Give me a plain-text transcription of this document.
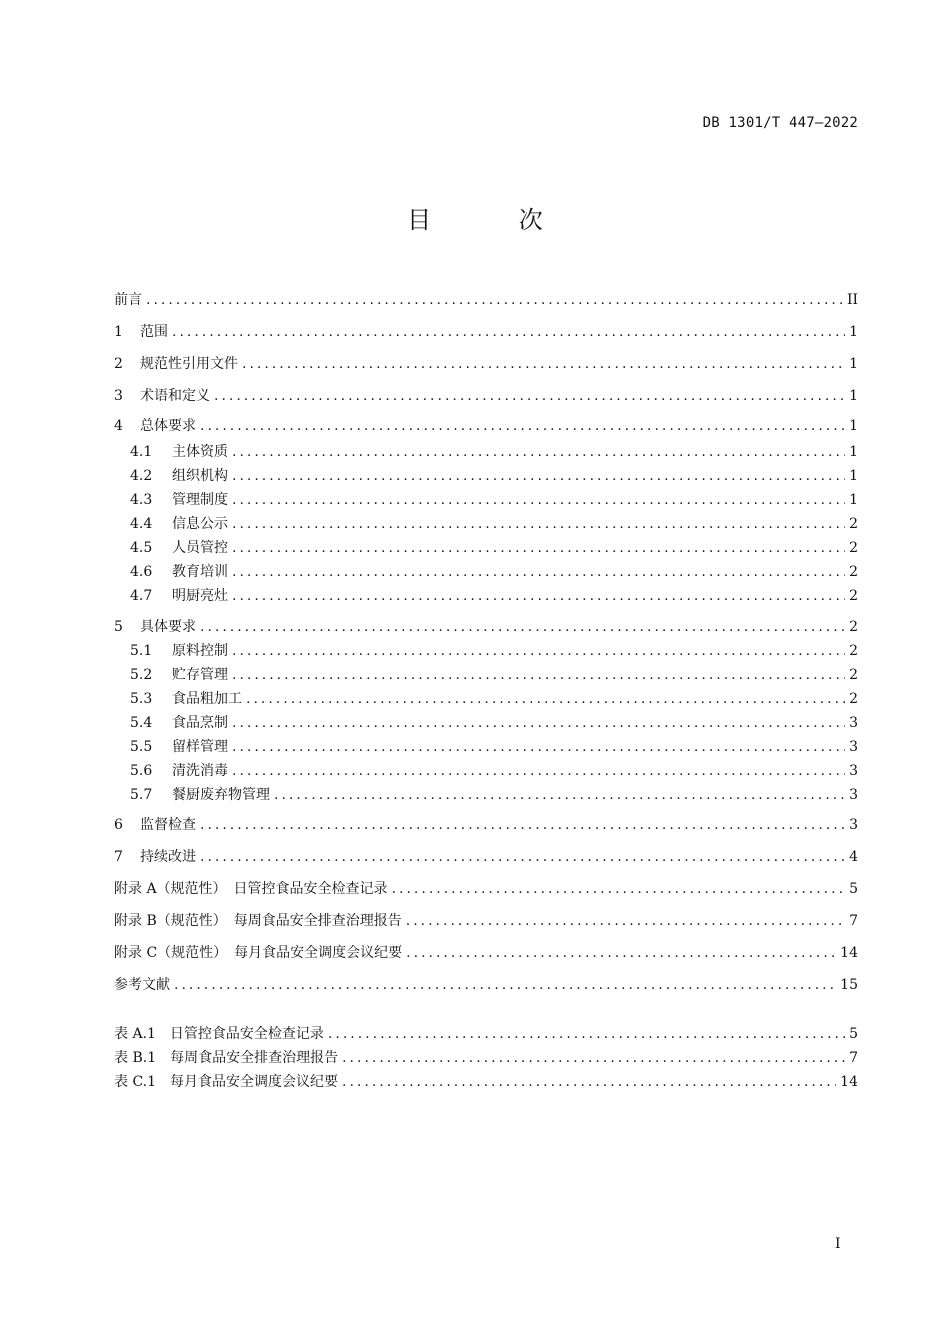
DB 1301/T 447—2022
目 次
前言 .....	II
1	范围 .....	1
2	规范性引用文件 .....	1
3	术语和定义 .....	1
4	总体要求 .....	1
4.1	主体资质 .....	1
4.2	组织机构 .....	1
4.3	管理制度 .....	1
4.4	信息公示 .....	2
4.5	人员管控 .....	2
4.6	教育培训 .....	2
4.7	明厨亮灶 .....	2
5	具体要求 .....	2
5.1	原料控制 .....	2
5.2	贮存管理 .....	2
5.3	食品粗加工 .....	2
5.4	食品烹制 .....	3
5.5	留样管理 .....	3
5.6	清洗消毒 .....	3
5.7	餐厨废弃物管理 .....	3
6	监督检查 .....	3
7	持续改进 .....	4
附录 A（规范性）　日管控食品安全检查记录 .....	5
附录 B（规范性）　每周食品安全排查治理报告 .....	7
附录 C（规范性）　每月食品安全调度会议纪要 .....	14
参考文献 .....	15
表 A.1　日管控食品安全检查记录 .....	5
表 B.1　每周食品安全排查治理报告 .....	7
表 C.1　每月食品安全调度会议纪要 .....	14
I
